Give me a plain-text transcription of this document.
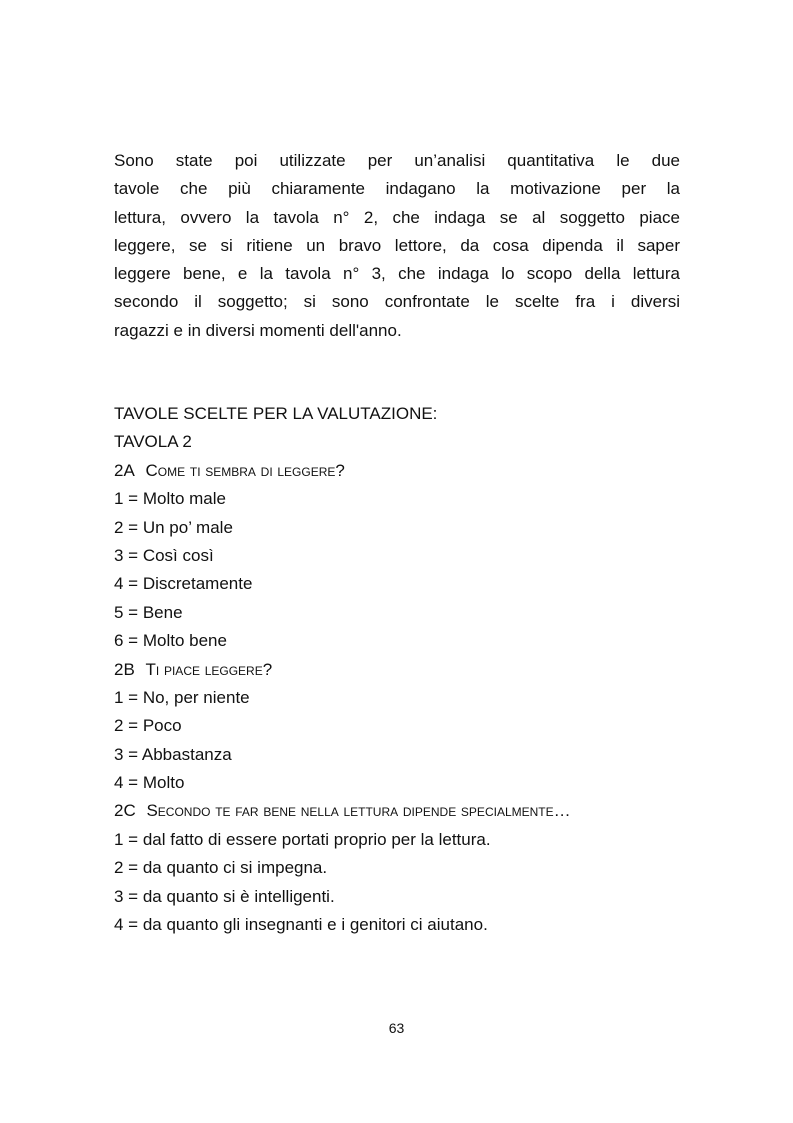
Sono state poi utilizzate per un’analisi quantitativa le due
tavole che più chiaramente indagano la motivazione per la
lettura, ovvero la tavola n° 2, che indaga se al soggetto piace
leggere, se si ritiene un bravo lettore, da cosa dipenda il saper
leggere bene, e la tavola n° 3, che indaga lo scopo della lettura
secondo il soggetto; si sono confrontate le scelte fra i diversi
ragazzi e in diversi momenti dell'anno.

TAVOLE SCELTE PER LA VALUTAZIONE:
TAVOLA 2
2A Come ti sembra di leggere?
1 = Molto male
2 = Un po’ male
3 = Così così
4 = Discretamente
5 = Bene
6 = Molto bene
2B Ti piace leggere?
1 = No, per niente
2 = Poco
3 = Abbastanza
4 = Molto
2C Secondo te far bene nella lettura dipende specialmente…
1 = dal fatto di essere portati proprio per la lettura.
2 = da quanto ci si impegna.
3 = da quanto si è intelligenti.
4 = da quanto gli insegnanti e i genitori ci aiutano.
63
